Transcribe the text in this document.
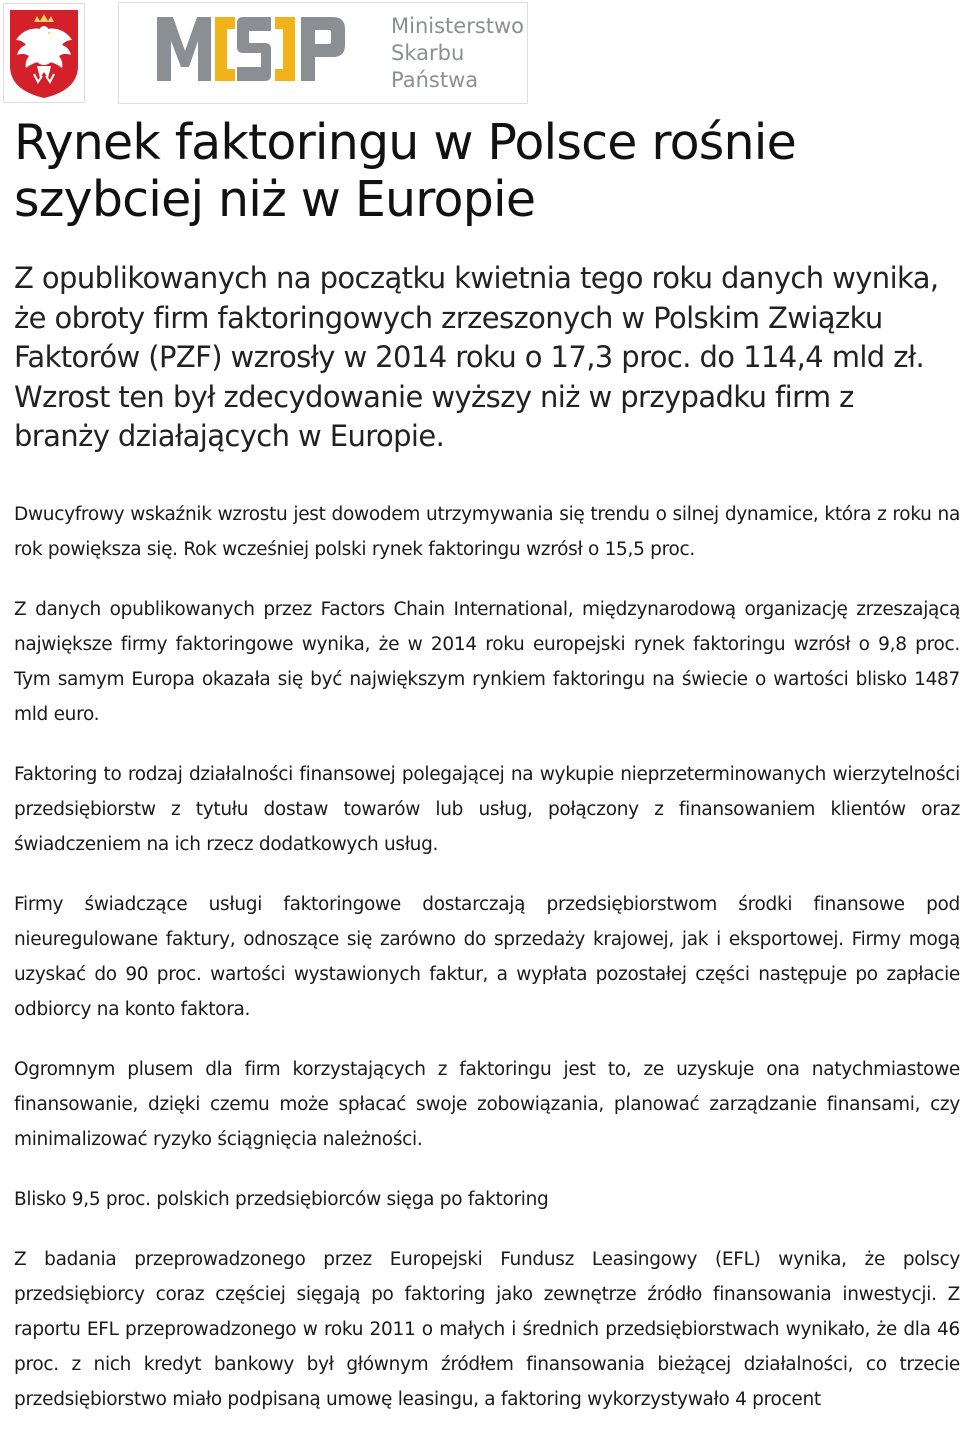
Ministerstwo
Skarbu
Państwa
Rynek faktoringu w Polsce rośnie szybciej niż w Europie

Z opublikowanych na początku kwietnia tego roku danych wynika, że obroty firm faktoringowych zrzeszonych w Polskim Związku Faktorów (PZF) wzrosły w 2014 roku o 17,3 proc. do 114,4 mld zł. Wzrost ten był zdecydowanie wyższy niż w przypadku firm z branży działających w Europie.

Dwucyfrowy wskaźnik wzrostu jest dowodem utrzymywania się trendu o silnej dynamice, która z roku na rok powiększa się. Rok wcześniej polski rynek faktoringu wzrósł o 15,5 proc.

Z danych opublikowanych przez Factors Chain International, międzynarodową organizację zrzeszającą największe firmy faktoringowe wynika, że w 2014 roku europejski rynek faktoringu wzrósł o 9,8 proc. Tym samym Europa okazała się być największym rynkiem faktoringu na świecie o wartości blisko 1487 mld euro.

Faktoring to rodzaj działalności finansowej polegającej na wykupie nieprzeterminowanych wierzytelności przedsiębiorstw z tytułu dostaw towarów lub usług, połączony z finansowaniem klientów oraz świadczeniem na ich rzecz dodatkowych usług.

Firmy świadczące usługi faktoringowe dostarczają przedsiębiorstwom środki finansowe pod nieuregulowane faktury, odnoszące się zarówno do sprzedaży krajowej, jak i eksportowej. Firmy mogą uzyskać do 90 proc. wartości wystawionych faktur, a wypłata pozostałej części następuje po zapłacie odbiorcy na konto faktora.

Ogromnym plusem dla firm korzystających z faktoringu jest to, ze uzyskuje ona natychmiastowe finansowanie, dzięki czemu może spłacać swoje zobowiązania, planować zarządzanie finansami, czy minimalizować ryzyko ściągnięcia należności.

Blisko 9,5 proc. polskich przedsiębiorców sięga po faktoring

Z badania przeprowadzonego przez Europejski Fundusz Leasingowy (EFL) wynika, że polscy przedsiębiorcy coraz częściej sięgają po faktoring jako zewnętrze źródło finansowania inwestycji. Z raportu EFL przeprowadzonego w roku 2011 o małych i średnich przedsiębiorstwach wynikało, że dla 46 proc. z nich kredyt bankowy był głównym źródłem finansowania bieżącej działalności, co trzecie przedsiębiorstwo miało podpisaną umowę leasingu, a faktoring wykorzystywało 4 procent
